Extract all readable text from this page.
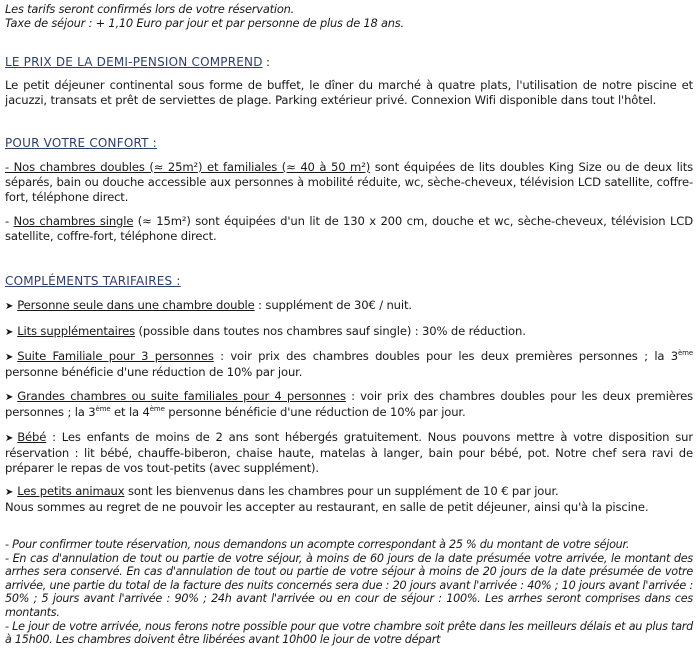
Les tarifs seront confirmés lors de votre réservation.

Taxe de séjour : + 1,10 Euro par jour et par personne de plus de 18 ans.

LE PRIX DE LA DEMI-PENSION COMPREND :

Le petit déjeuner continental sous forme de buffet, le dîner du marché à quatre plats, l'utilisation de notre piscine et jacuzzi, transats et prêt de serviettes de plage. Parking extérieur privé. Connexion Wifi disponible dans tout l'hôtel.

POUR VOTRE CONFORT :

- Nos chambres doubles (≈ 25m²) et familiales (≈ 40 à 50 m²) sont équipées de lits doubles King Size ou de deux lits séparés, bain ou douche accessible aux personnes à mobilité réduite, wc, sèche-cheveux, télévision LCD satellite, coffre-fort, téléphone direct.

- Nos chambres single (≈ 15m²) sont équipées d'un lit de 130 x 200 cm, douche et wc, sèche-cheveux, télévision LCD satellite, coffre-fort, téléphone direct.

COMPLÉMENTS TARIFAIRES :

➤ Personne seule dans une chambre double : supplément de 30€ / nuit.

➤ Lits supplémentaires (possible dans toutes nos chambres sauf single) : 30% de réduction.

➤ Suite Familiale pour 3 personnes : voir prix des chambres doubles pour les deux premières personnes ; la 3ème personne bénéficie d'une réduction de 10% par jour.

➤ Grandes chambres ou suite familiales pour 4 personnes : voir prix des chambres doubles pour les deux premières personnes ; la 3ème et la 4ème personne bénéficie d'une réduction de 10% par jour.

➤ Bébé : Les enfants de moins de 2 ans sont hébergés gratuitement. Nous pouvons mettre à votre disposition sur réservation : lit bébé, chauffe-biberon, chaise haute, matelas à langer, bain pour bébé, pot. Notre chef sera ravi de préparer le repas de vos tout-petits (avec supplément).

➤ Les petits animaux sont les bienvenus dans les chambres pour un supplément de 10 € par jour.

Nous sommes au regret de ne pouvoir les accepter au restaurant, en salle de petit déjeuner, ainsi qu'à la piscine.

- Pour confirmer toute réservation, nous demandons un acompte correspondant à 25 % du montant de votre séjour.

- En cas d'annulation de tout ou partie de votre séjour, à moins de 60 jours de la date présumée votre arrivée, le montant des arrhes sera conservé. En cas d'annulation de tout ou partie de votre séjour à moins de 20 jours de la date présumée de votre arrivée, une partie du total de la facture des nuits concernés sera due : 20 jours avant l'arrivée : 40% ; 10 jours avant l'arrivée : 50% ; 5 jours avant l'arrivée : 90% ; 24h avant l'arrivée ou en cour de séjour : 100%. Les arrhes seront comprises dans ces montants.

- Le jour de votre arrivée, nous ferons notre possible pour que votre chambre soit prête dans les meilleurs délais et au plus tard à 15h00. Les chambres doivent être libérées avant 10h00 le jour de votre départ
